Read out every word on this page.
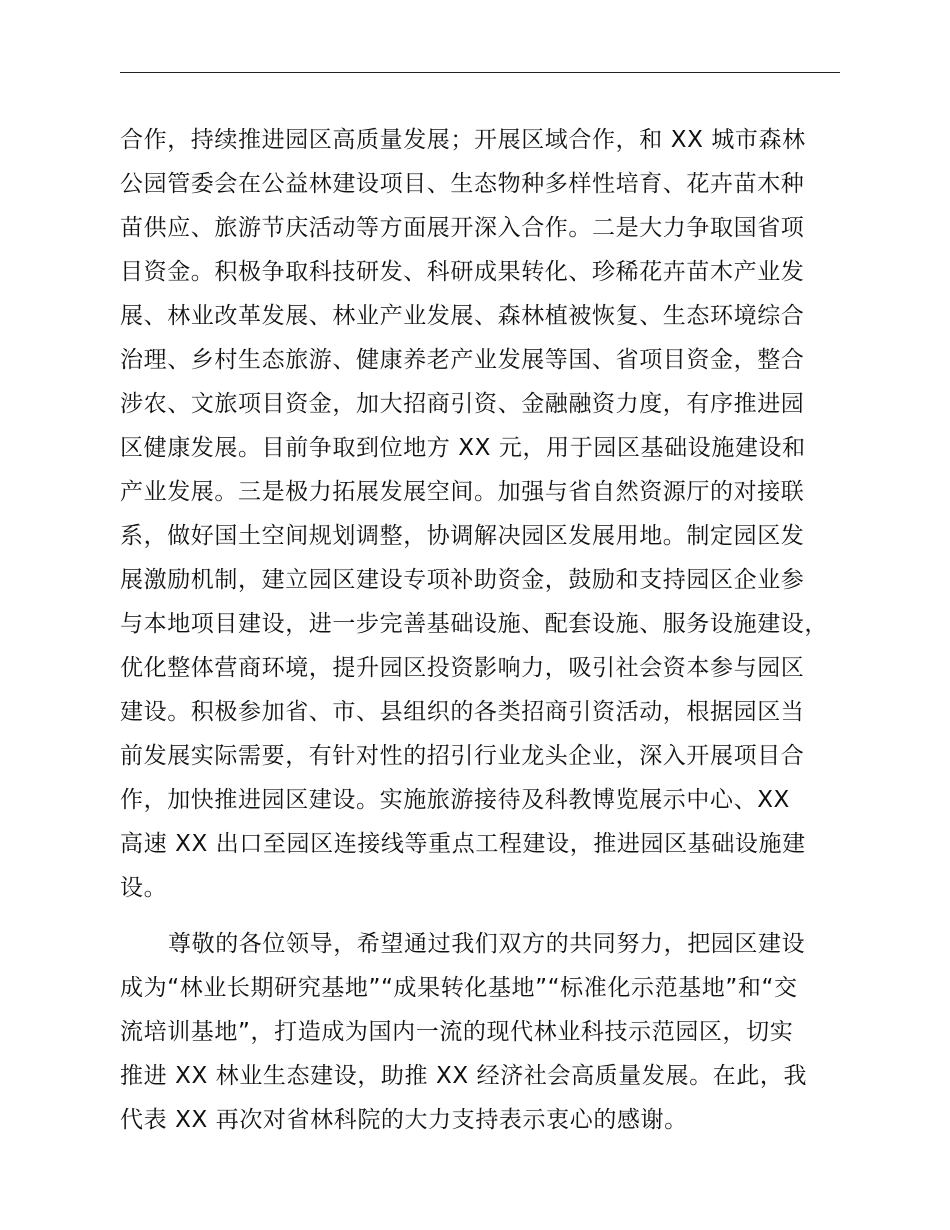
合作，持续推进园区高质量发展；开展区域合作，和 XX 城市森林
公园管委会在公益林建设项目、生态物种多样性培育、花卉苗木种
苗供应、旅游节庆活动等方面展开深入合作。二是大力争取国省项
目资金。积极争取科技研发、科研成果转化、珍稀花卉苗木产业发
展、林业改革发展、林业产业发展、森林植被恢复、生态环境综合
治理、乡村生态旅游、健康养老产业发展等国、省项目资金，整合
涉农、文旅项目资金，加大招商引资、金融融资力度，有序推进园
区健康发展。目前争取到位地方 XX 元，用于园区基础设施建设和
产业发展。三是极力拓展发展空间。加强与省自然资源厅的对接联
系，做好国土空间规划调整，协调解决园区发展用地。制定园区发
展激励机制，建立园区建设专项补助资金，鼓励和支持园区企业参
与本地项目建设，进一步完善基础设施、配套设施、服务设施建设，
优化整体营商环境，提升园区投资影响力，吸引社会资本参与园区
建设。积极参加省、市、县组织的各类招商引资活动，根据园区当
前发展实际需要，有针对性的招引行业龙头企业，深入开展项目合
作，加快推进园区建设。实施旅游接待及科教博览展示中心、XX
高速 XX 出口至园区连接线等重点工程建设，推进园区基础设施建
设。
尊敬的各位领导，希望通过我们双方的共同努力，把园区建设
成为“林业长期研究基地”“成果转化基地”“标准化示范基地”和“交
流培训基地”，打造成为国内一流的现代林业科技示范园区，切实
推进 XX 林业生态建设，助推 XX 经济社会高质量发展。在此，我
代表 XX 再次对省林科院的大力支持表示衷心的感谢。
